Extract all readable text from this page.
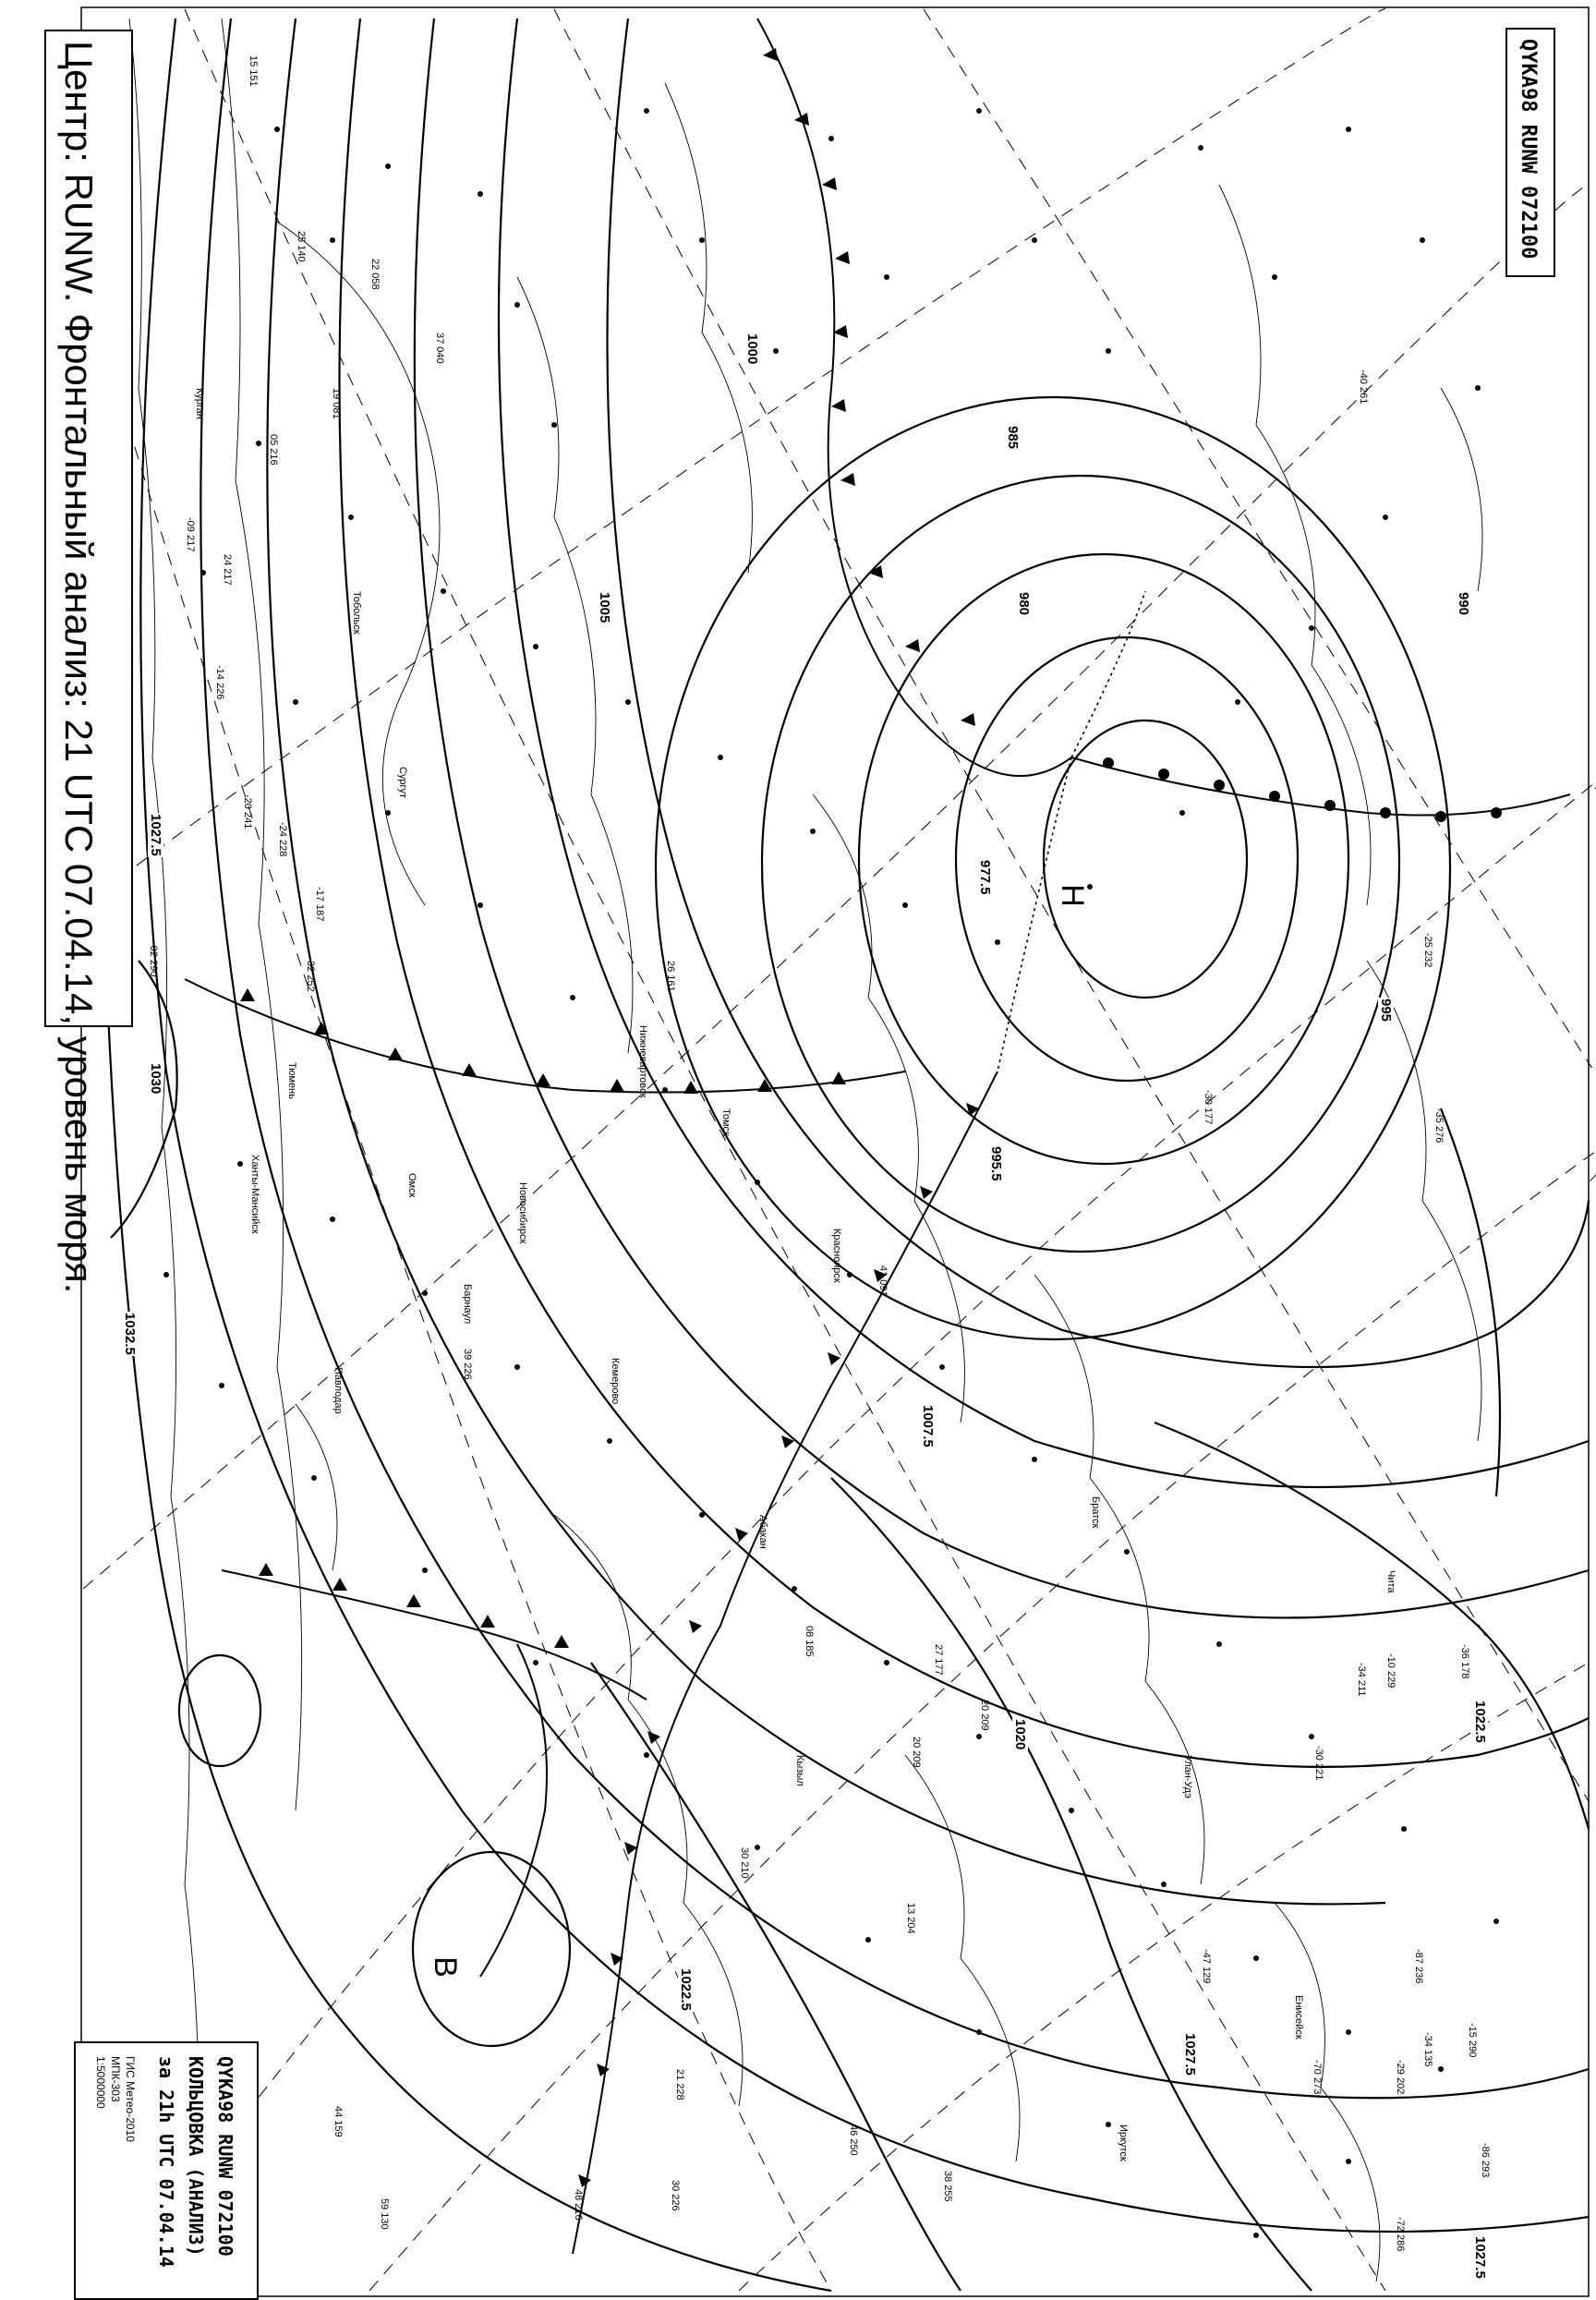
Центр: RUNW. Фронтальный анализ: 21 UTC 07.04.14, уровень моря.	QYKA98 RUNW 072100
QYKA98 RUNW 072100
КОЛЬЦОВКА (АНАЛИЗ)
за 21h UTC 07.04.14
ГИС Метео-2010
МПК-303
1:5000000
Н
В
977.5
980
985
990
995
995.5
1000
1005
1007.5
1020
1022.5
1027.5
1030
1032.5
1022.5
1027.5
1027.5
Тюмень
Омск	Новосибирск
Барнаул
Томск
Кемерово
Красноярск
Иркутск
Абакан
Кызыл	Улан-Удэ
Чита
Братск
Енисейск
Ханты-Мансийск
Сургут
Нижневартовск
Тобольск
Курган
Павлодар
-02 290
-09 217
24 217
-14 226
-20 241
-24 228
-17 187
32 252
39 226
41 091
26 161
27 177
20 209
30 210
08 185
21 228
46 250
38 255
30 226
44 159
59 130	48 216
15 151
25 140
22 058
37 040
19 081
05 216
20 209
-30 221
-34 211
-36 178
-87 236
-47 129
-29 202
-15 290
-70 273
-86 293
-72 286
-10 229
-34 135
-30 177
-35 276
13 204
-40 261
-25 232
